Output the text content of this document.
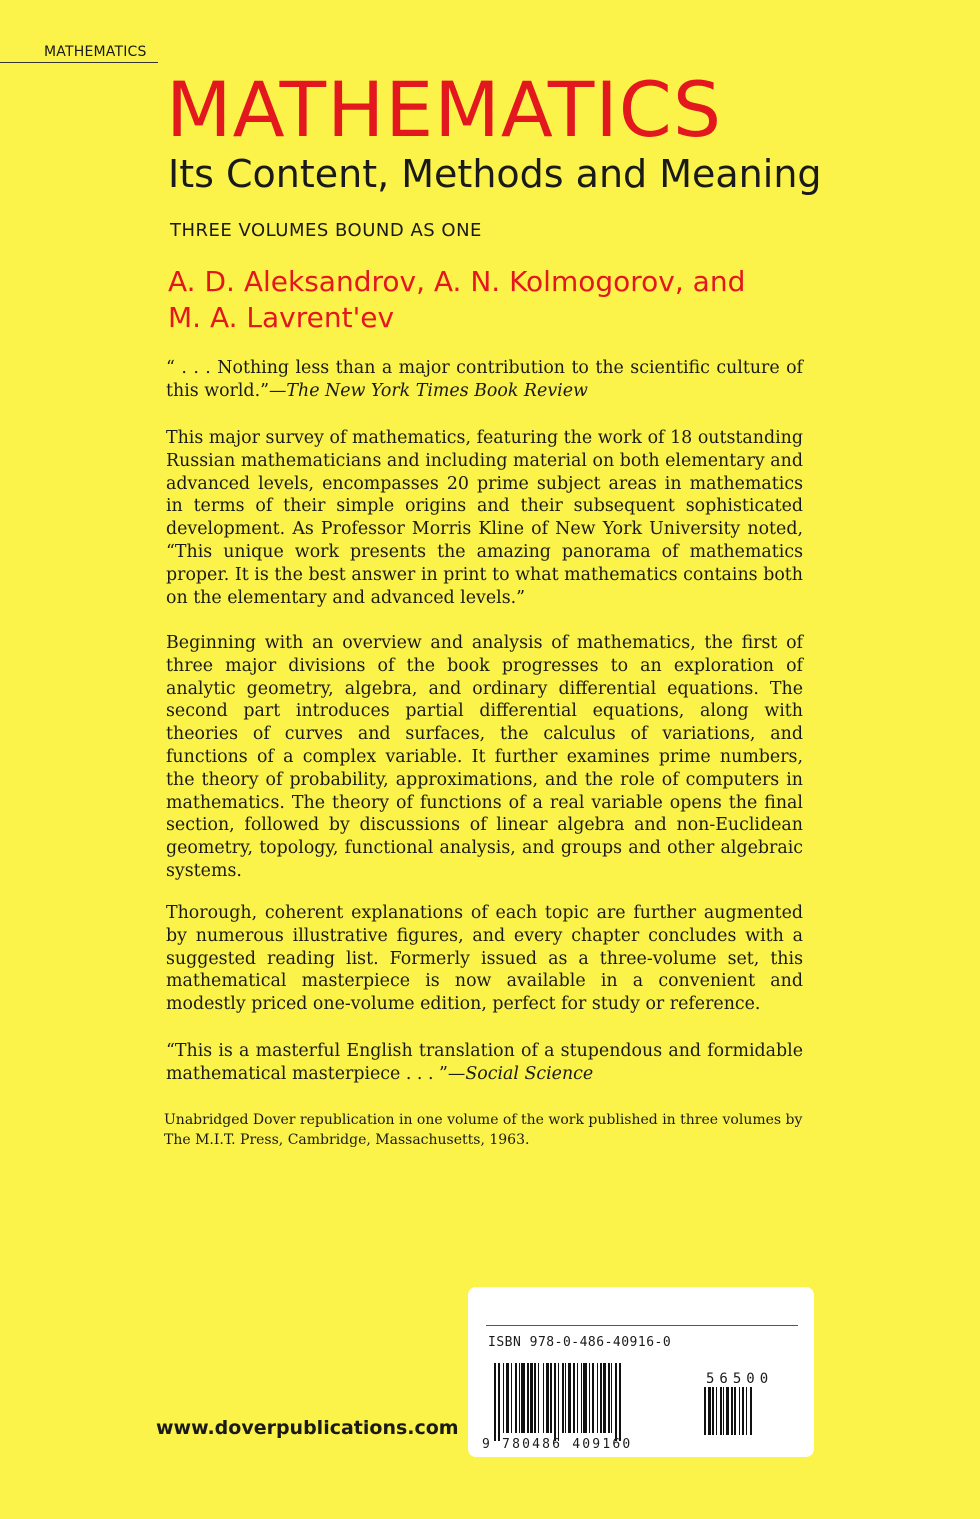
MATHEMATICS
MATHEMATICS
Its Content, Methods and Meaning
THREE VOLUMES BOUND AS ONE
A. D. Aleksandrov, A. N. Kolmogorov, and
M. A. Lavrent'ev
“ . . . Nothing less than a major contribution to the scientific culture of this world.”—The New York Times Book Review
This major survey of mathematics, featuring the work of 18 outstanding Russian mathematicians and including material on both elementary and advanced levels, encompasses 20 prime subject areas in mathematics in terms of their simple origins and their subsequent sophisticated development. As Professor Morris Kline of New York University noted, “This unique work presents the amazing panorama of mathematics proper. It is the best answer in print to what mathematics contains both on the elementary and advanced levels.”
Beginning with an overview and analysis of mathematics, the first of three major divisions of the book progresses to an exploration of analytic geometry, algebra, and ordinary differential equations. The second part introduces partial differential equations, along with theories of curves and surfaces, the calculus of variations, and functions of a complex variable. It further examines prime numbers, the theory of probability, approximations, and the role of computers in mathematics. The theory of functions of a real variable opens the final section, followed by discussions of linear algebra and non-Euclidean geometry, topology, functional analysis, and groups and other algebraic systems.
Thorough, coherent explanations of each topic are further augmented by numerous illustrative figures, and every chapter concludes with a suggested reading list. Formerly issued as a three-volume set, this mathematical masterpiece is now available in a convenient and modestly priced one-volume edition, perfect for study or reference.
“This is a masterful English translation of a stupendous and formidable mathematical masterpiece . . . ”—Social Science
Unabridged Dover republication in one volume of the work published in three volumes by The M.I.T. Press, Cambridge, Massachusetts, 1963.
www.doverpublications.com
ISBN 978-0-486-40916-0
56500
9 780486 409160
